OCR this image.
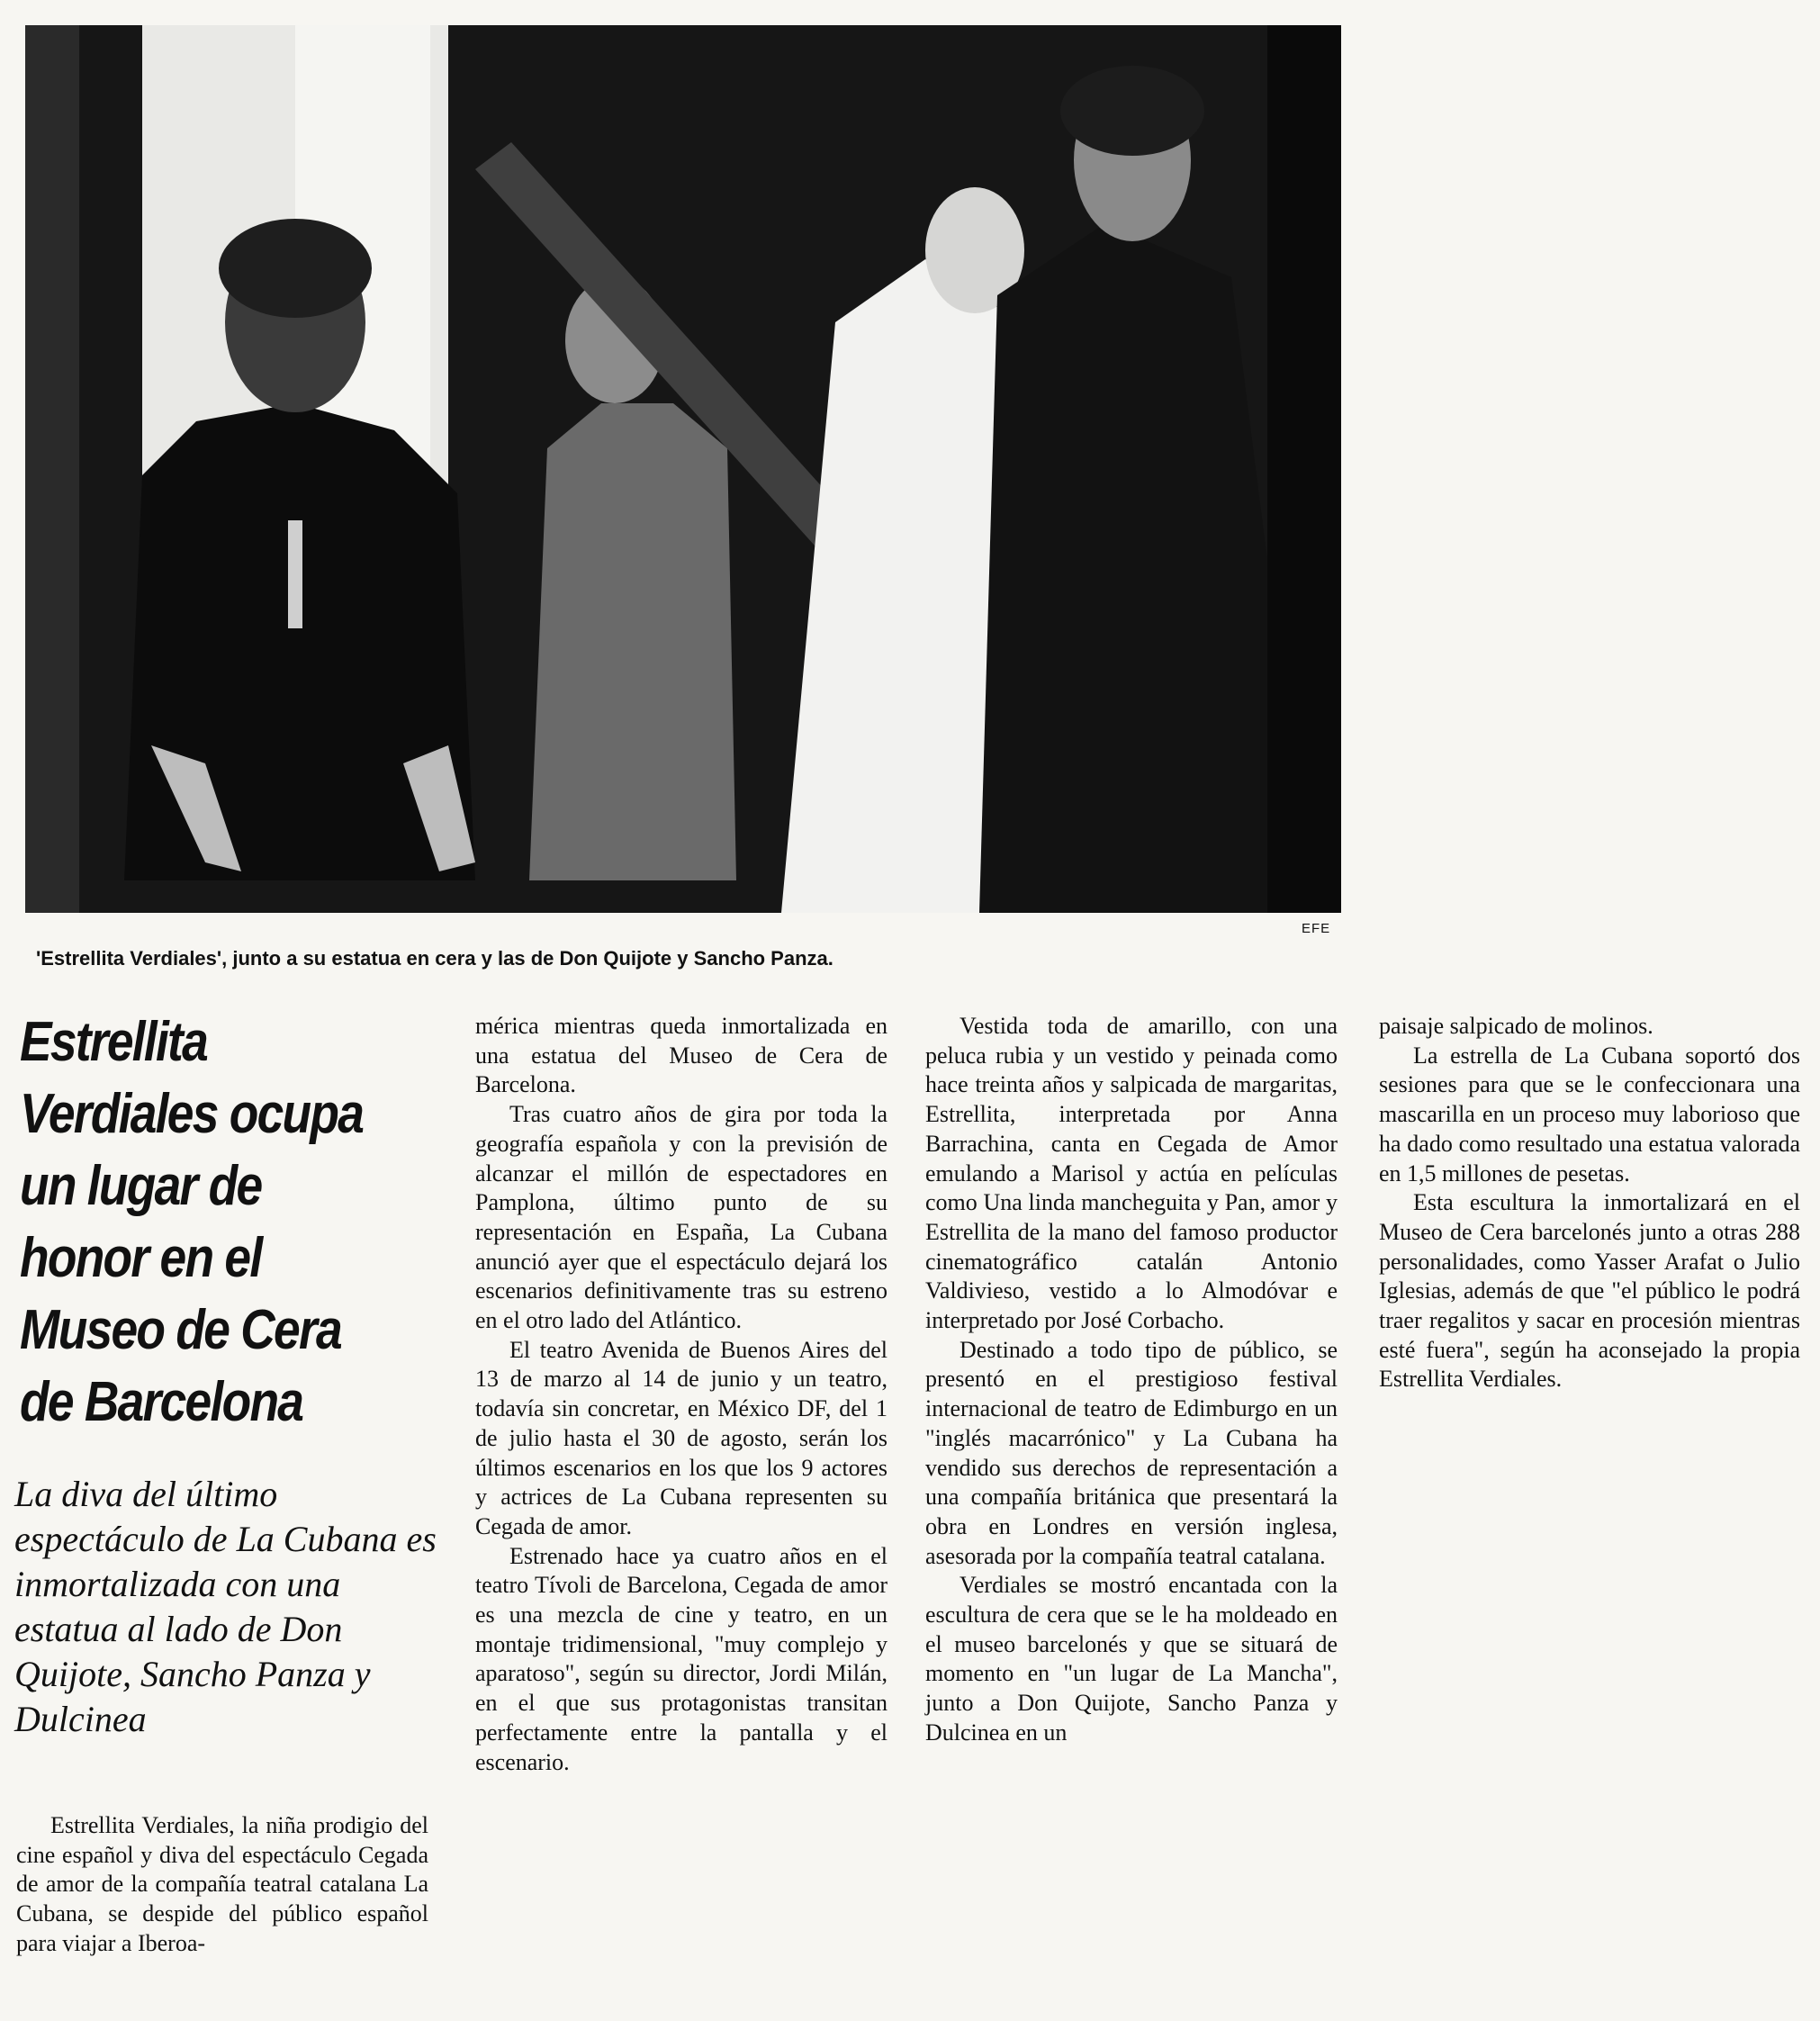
EFE
'Estrellita Verdiales', junto a su estatua en cera y las de Don Quijote y Sancho Panza.
Estrellita Verdiales ocupa un lugar de honor en el Museo de Cera de Barcelona
La diva del último espectáculo de La Cubana es inmortalizada con una estatua al lado de Don Quijote, Sancho Panza y Dulcinea

Estrellita Verdiales, la niña prodigio del cine español y diva del espectáculo Cegada de amor de la compañía teatral catalana La Cubana, se despide del público español para viajar a Iberoa-

mérica mientras queda inmortalizada en una estatua del Museo de Cera de Barcelona.

Tras cuatro años de gira por toda la geografía española y con la previsión de alcanzar el millón de espectadores en Pamplona, último punto de su representación en España, La Cubana anunció ayer que el espectáculo dejará los escenarios definitivamente tras su estreno en el otro lado del Atlántico.

El teatro Avenida de Buenos Aires del 13 de marzo al 14 de junio y un teatro, todavía sin concretar, en México DF, del 1 de julio hasta el 30 de agosto, serán los últimos escenarios en los que los 9 actores y actrices de La Cubana representen su Cegada de amor.

Estrenado hace ya cuatro años en el teatro Tívoli de Barcelona, Cegada de amor es una mezcla de cine y teatro, en un montaje tridimensional, "muy complejo y aparatoso", según su director, Jordi Milán, en el que sus protagonistas transitan perfectamente entre la pantalla y el escenario.

Vestida toda de amarillo, con una peluca rubia y un vestido y peinada como hace treinta años y salpicada de margaritas, Estrellita, interpretada por Anna Barrachina, canta en Cegada de Amor emulando a Marisol y actúa en películas como Una linda mancheguita y Pan, amor y Estrellita de la mano del famoso productor cinematográfico catalán Antonio Valdivieso, vestido a lo Almodóvar e interpretado por José Corbacho.

Destinado a todo tipo de público, se presentó en el prestigioso festival internacional de teatro de Edimburgo en un "inglés macarrónico" y La Cubana ha vendido sus derechos de representación a una compañía británica que presentará la obra en Londres en versión inglesa, asesorada por la compañía teatral catalana.

Verdiales se mostró encantada con la escultura de cera que se le ha moldeado en el museo barcelonés y que se situará de momento en "un lugar de La Mancha", junto a Don Quijote, Sancho Panza y Dulcinea en un

paisaje salpicado de molinos.

La estrella de La Cubana soportó dos sesiones para que se le confeccionara una mascarilla en un proceso muy laborioso que ha dado como resultado una estatua valorada en 1,5 millones de pesetas.

Esta escultura la inmortalizará en el Museo de Cera barcelonés junto a otras 288 personalidades, como Yasser Arafat o Julio Iglesias, además de que "el público le podrá traer regalitos y sacar en procesión mientras esté fuera", según ha aconsejado la propia Estrellita Verdiales.
